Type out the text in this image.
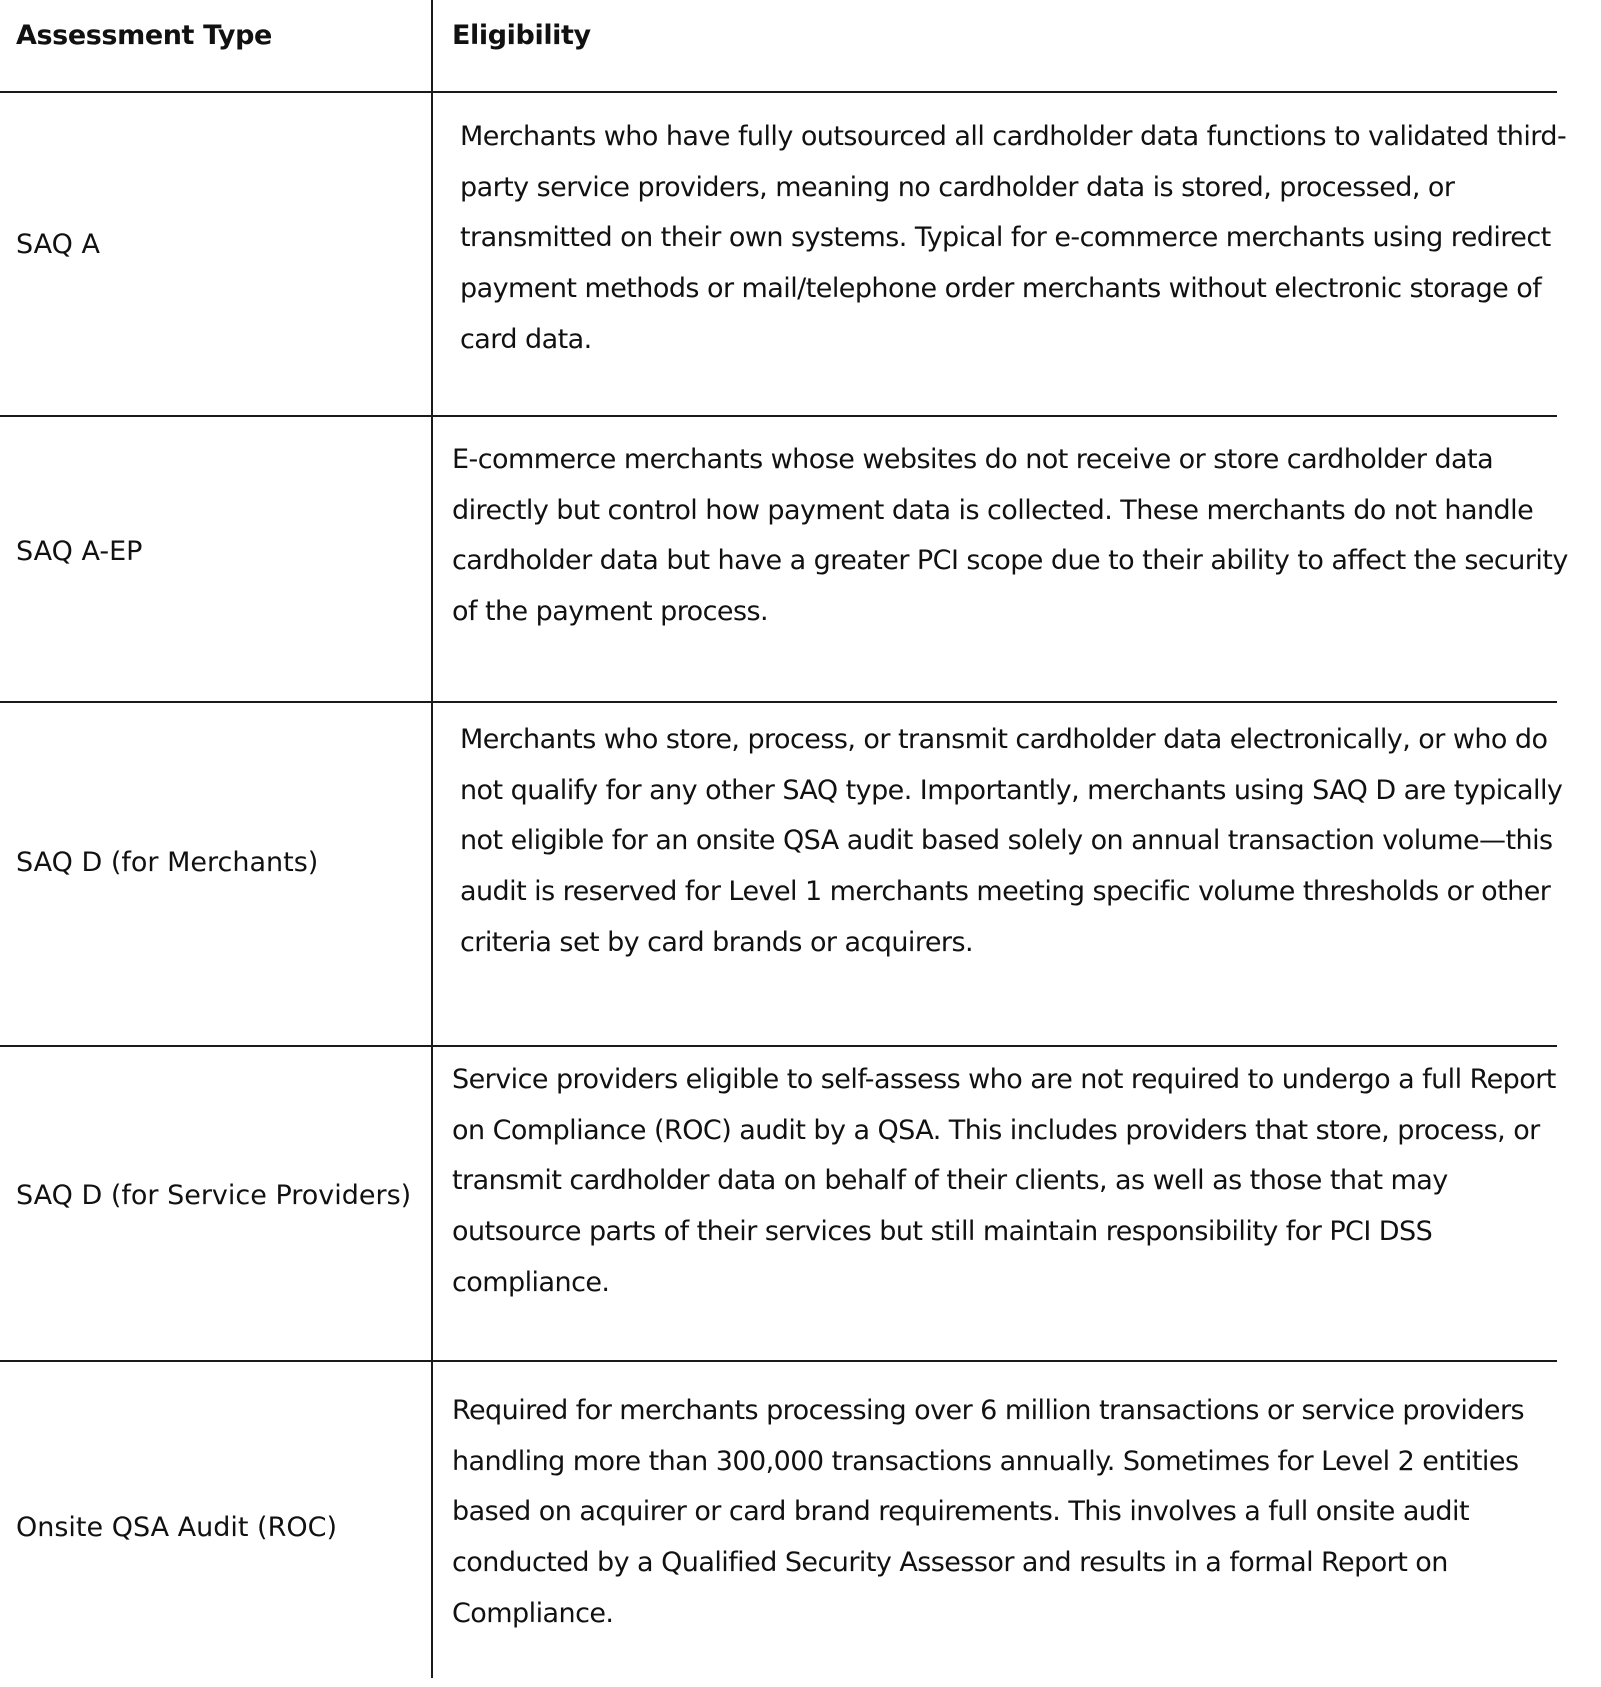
Assessment Type	Eligibility
SAQ A
Merchants who have fully outsourced all cardholder data functions to validated third-party service providers, meaning no cardholder data is stored, processed, or transmitted on their own systems. Typical for e-commerce merchants using redirect payment methods or mail/telephone order merchants without electronic storage of card data.
SAQ A-EP
E-commerce merchants whose websites do not receive or store cardholder data directly but control how payment data is collected. These merchants do not handle cardholder data but have a greater PCI scope due to their ability to affect the security of the payment process.
SAQ D (for Merchants)
Merchants who store, process, or transmit cardholder data electronically, or who do not qualify for any other SAQ type. Importantly, merchants using SAQ D are typically not eligible for an onsite QSA audit based solely on annual transaction volume—this audit is reserved for Level 1 merchants meeting specific volume thresholds or other criteria set by card brands or acquirers.
SAQ D (for Service Providers)
Service providers eligible to self-assess who are not required to undergo a full Report on Compliance (ROC) audit by a QSA. This includes providers that store, process, or transmit cardholder data on behalf of their clients, as well as those that may outsource parts of their services but still maintain responsibility for PCI DSS compliance.
Onsite QSA Audit (ROC)
Required for merchants processing over 6 million transactions or service providers handling more than 300,000 transactions annually. Sometimes for Level 2 entities based on acquirer or card brand requirements. This involves a full onsite audit conducted by a Qualified Security Assessor and results in a formal Report on Compliance.
